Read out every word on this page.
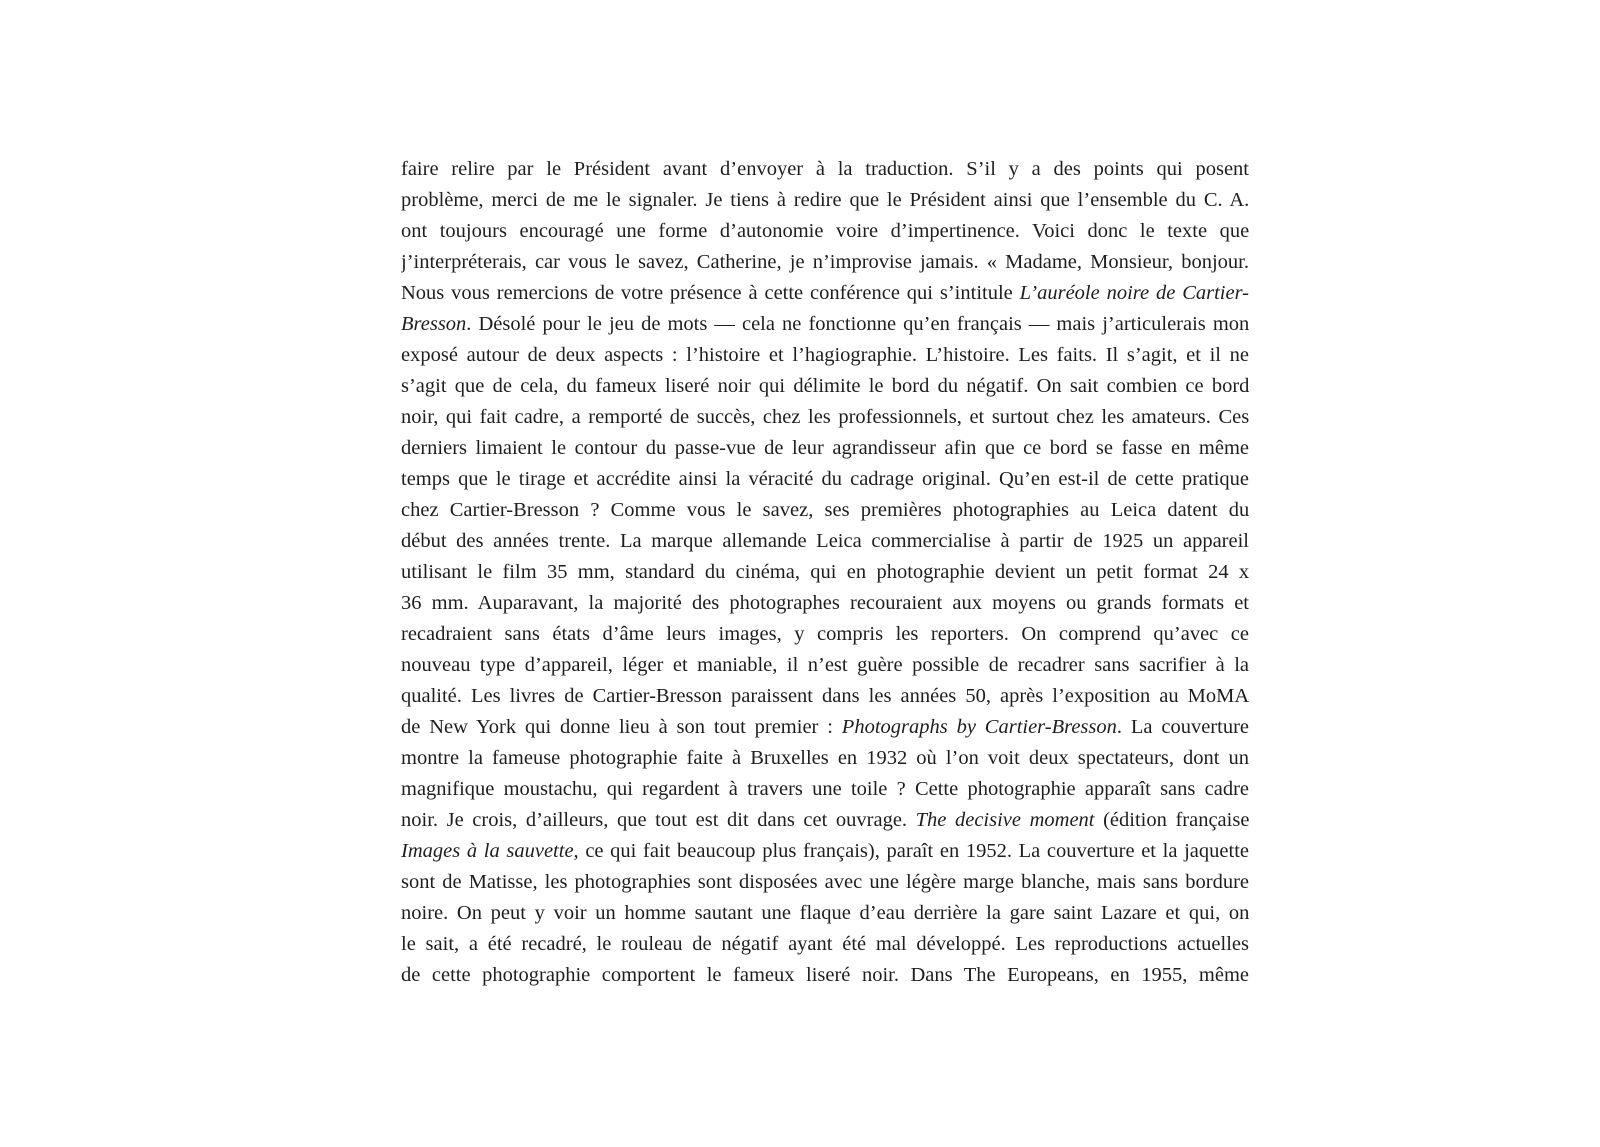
faire relire par le Président avant d’envoyer à la traduction. S’il y a des points qui posent
problème, merci de me le signaler. Je tiens à redire que le Président ainsi que l’ensemble du C. A.
ont toujours encouragé une forme d’autonomie voire d’impertinence. Voici donc le texte que
j’interpréterais, car vous le savez, Catherine, je n’improvise jamais. « Madame, Monsieur, bonjour.
Nous vous remercions de votre présence à cette conférence qui s’intitule L’auréole noire de Cartier-
Bresson. Désolé pour le jeu de mots — cela ne fonctionne qu’en français — mais j’articulerais mon
exposé autour de deux aspects : l’histoire et l’hagiographie. L’histoire. Les faits. Il s’agit, et il ne
s’agit que de cela, du fameux liseré noir qui délimite le bord du négatif. On sait combien ce bord
noir, qui fait cadre, a remporté de succès, chez les professionnels, et surtout chez les amateurs. Ces
derniers limaient le contour du passe-vue de leur agrandisseur afin que ce bord se fasse en même
temps que le tirage et accrédite ainsi la véracité du cadrage original. Qu’en est-il de cette pratique
chez Cartier-Bresson ? Comme vous le savez, ses premières photographies au Leica datent du
début des années trente. La marque allemande Leica commercialise à partir de 1925 un appareil
utilisant le film 35 mm, standard du cinéma, qui en photographie devient un petit format 24 x
36 mm. Auparavant, la majorité des photographes recouraient aux moyens ou grands formats et
recadraient sans états d’âme leurs images, y compris les reporters. On comprend qu’avec ce
nouveau type d’appareil, léger et maniable, il n’est guère possible de recadrer sans sacrifier à la
qualité. Les livres de Cartier-Bresson paraissent dans les années 50, après l’exposition au MoMA
de New York qui donne lieu à son tout premier : Photographs by Cartier-Bresson. La couverture
montre la fameuse photographie faite à Bruxelles en 1932 où l’on voit deux spectateurs, dont un
magnifique moustachu, qui regardent à travers une toile ? Cette photographie apparaît sans cadre
noir. Je crois, d’ailleurs, que tout est dit dans cet ouvrage. The decisive moment (édition française
Images à la sauvette, ce qui fait beaucoup plus français), paraît en 1952. La couverture et la jaquette
sont de Matisse, les photographies sont disposées avec une légère marge blanche, mais sans bordure
noire. On peut y voir un homme sautant une flaque d’eau derrière la gare saint Lazare et qui, on
le sait, a été recadré, le rouleau de négatif ayant été mal développé. Les reproductions actuelles
de cette photographie comportent le fameux liseré noir. Dans The Europeans, en 1955, même
